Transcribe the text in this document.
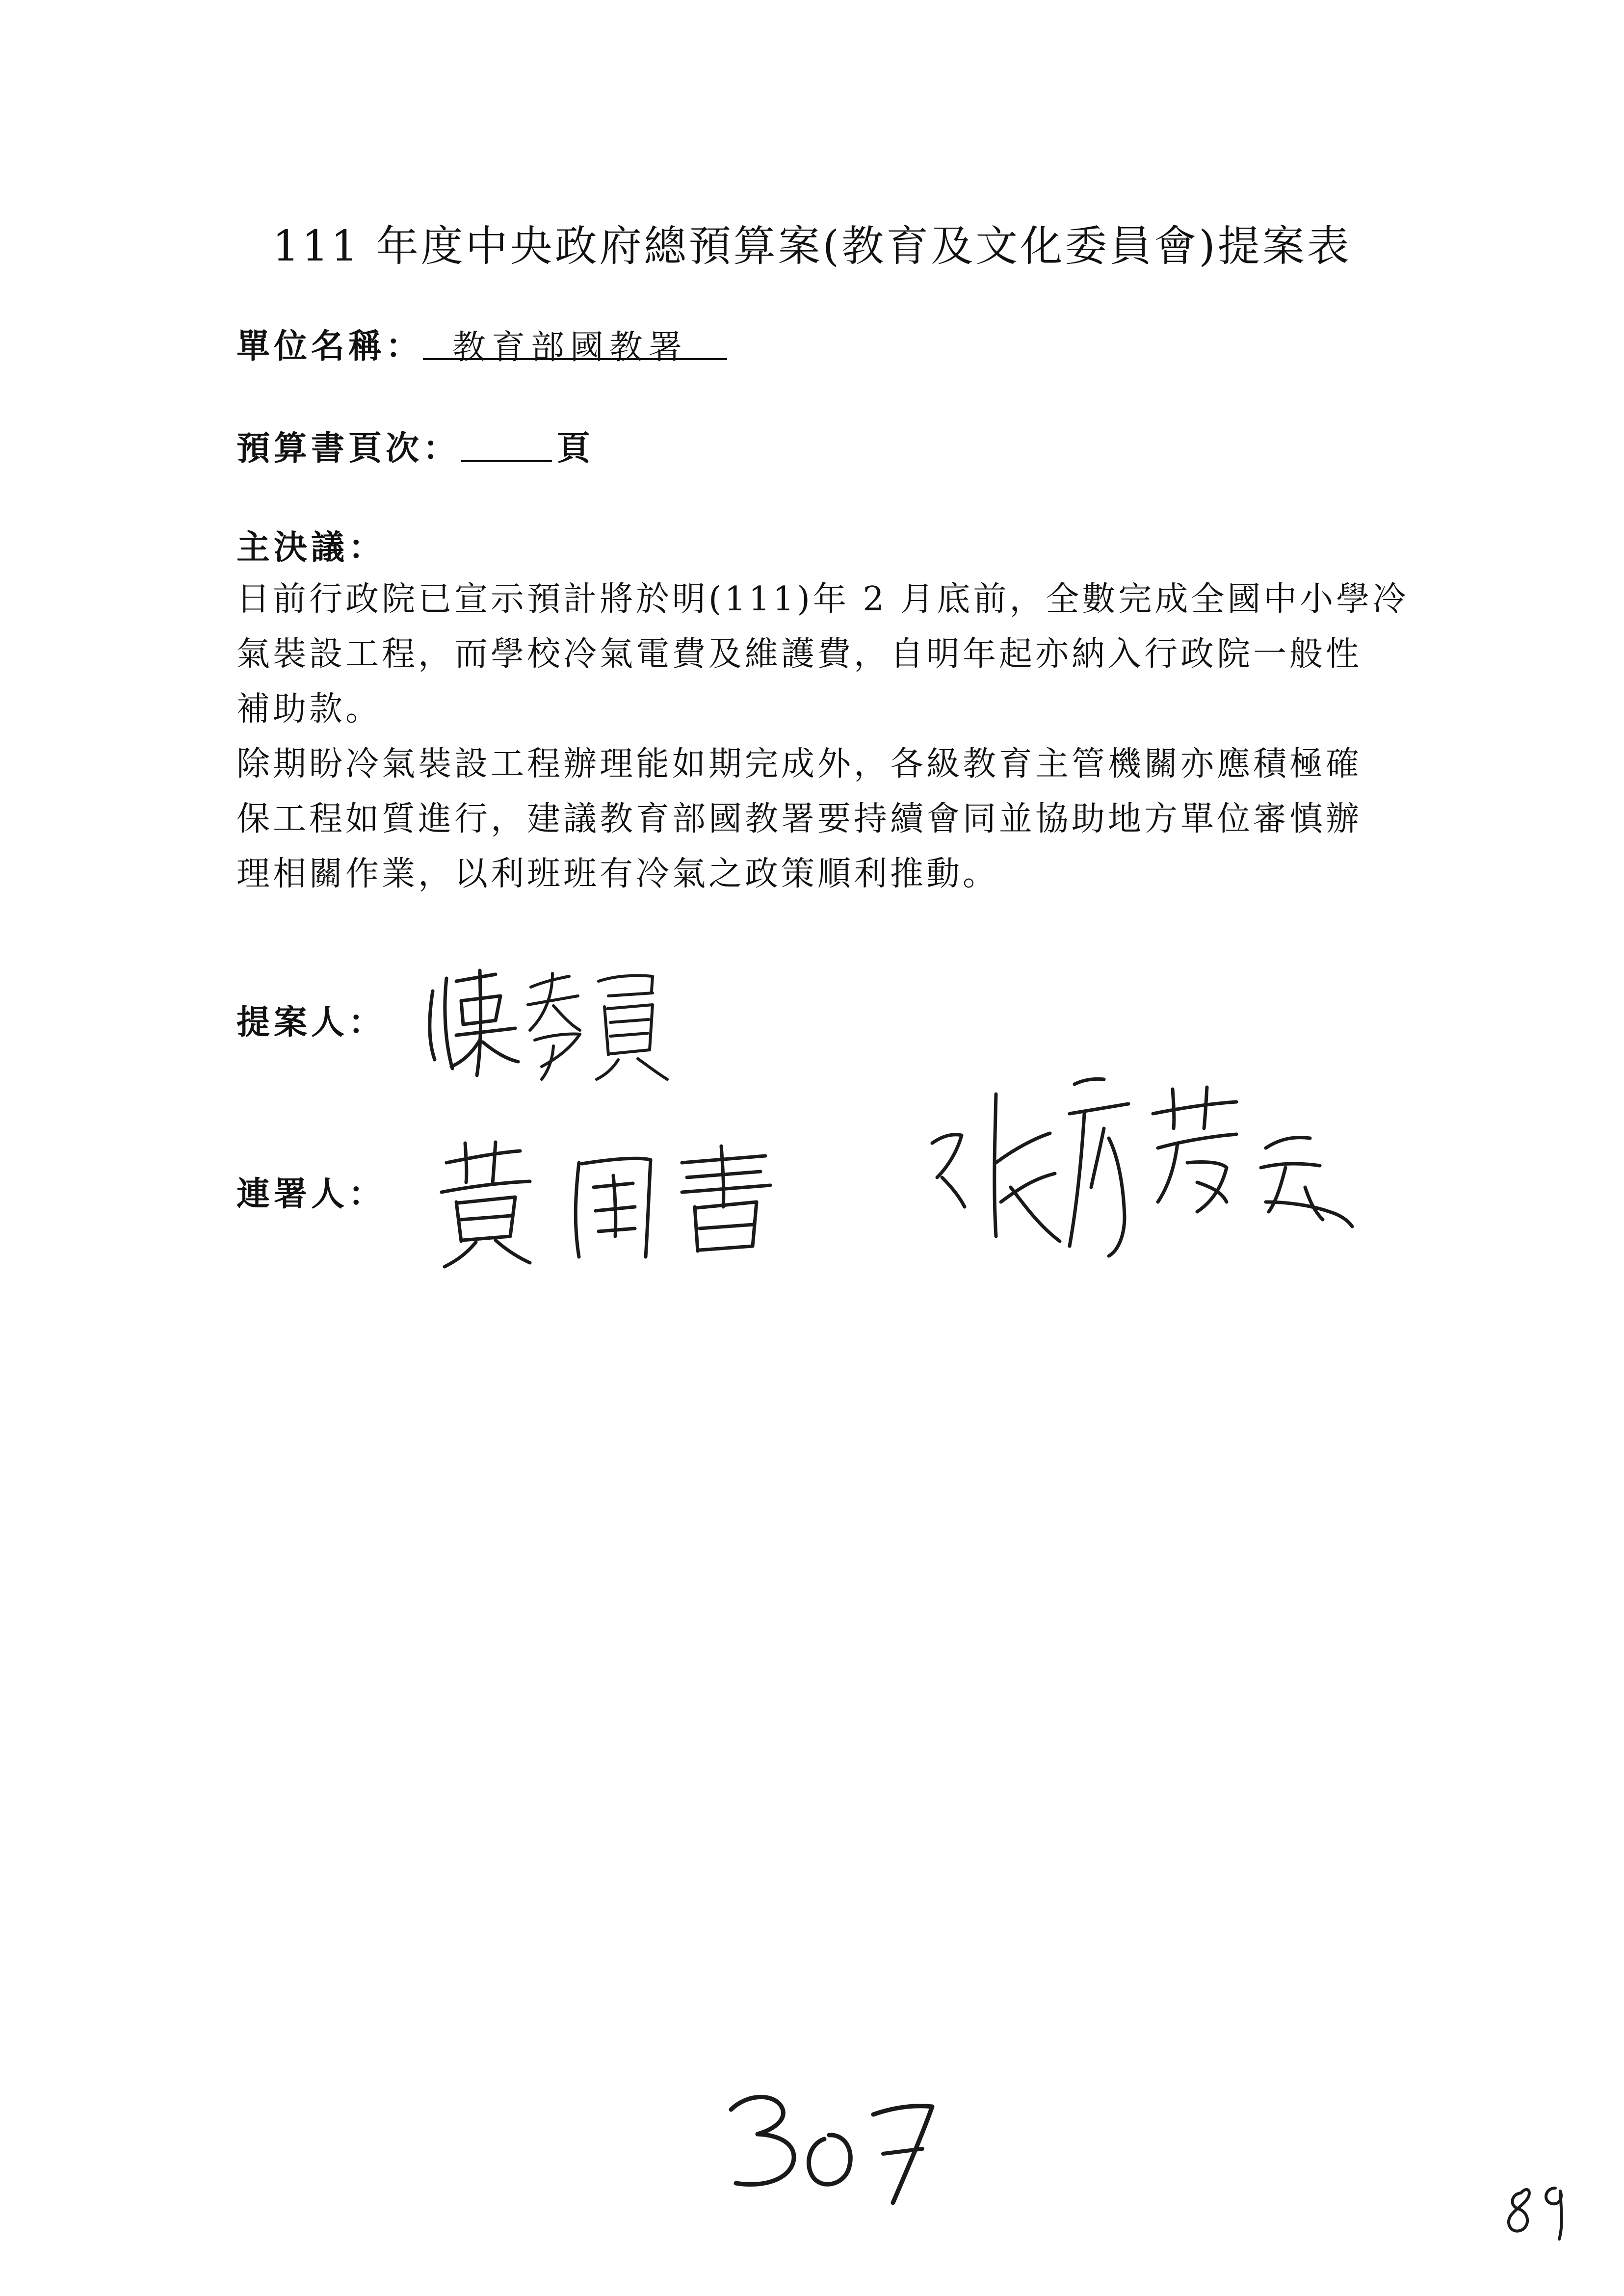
111 年度中央政府總預算案(教育及文化委員會)提案表
單位名稱： 教育部國教署
預算書頁次：	頁
主決議：

日前行政院已宣示預計將於明(111)年 2 月底前，全數完成全國中小學冷

氣裝設工程，而學校冷氣電費及維護費，自明年起亦納入行政院一般性

補助款。

除期盼冷氣裝設工程辦理能如期完成外，各級教育主管機關亦應積極確

保工程如質進行，建議教育部國教署要持續會同並協助地方單位審慎辦

理相關作業，以利班班有冷氣之政策順利推動。

提案人：
連署人：
